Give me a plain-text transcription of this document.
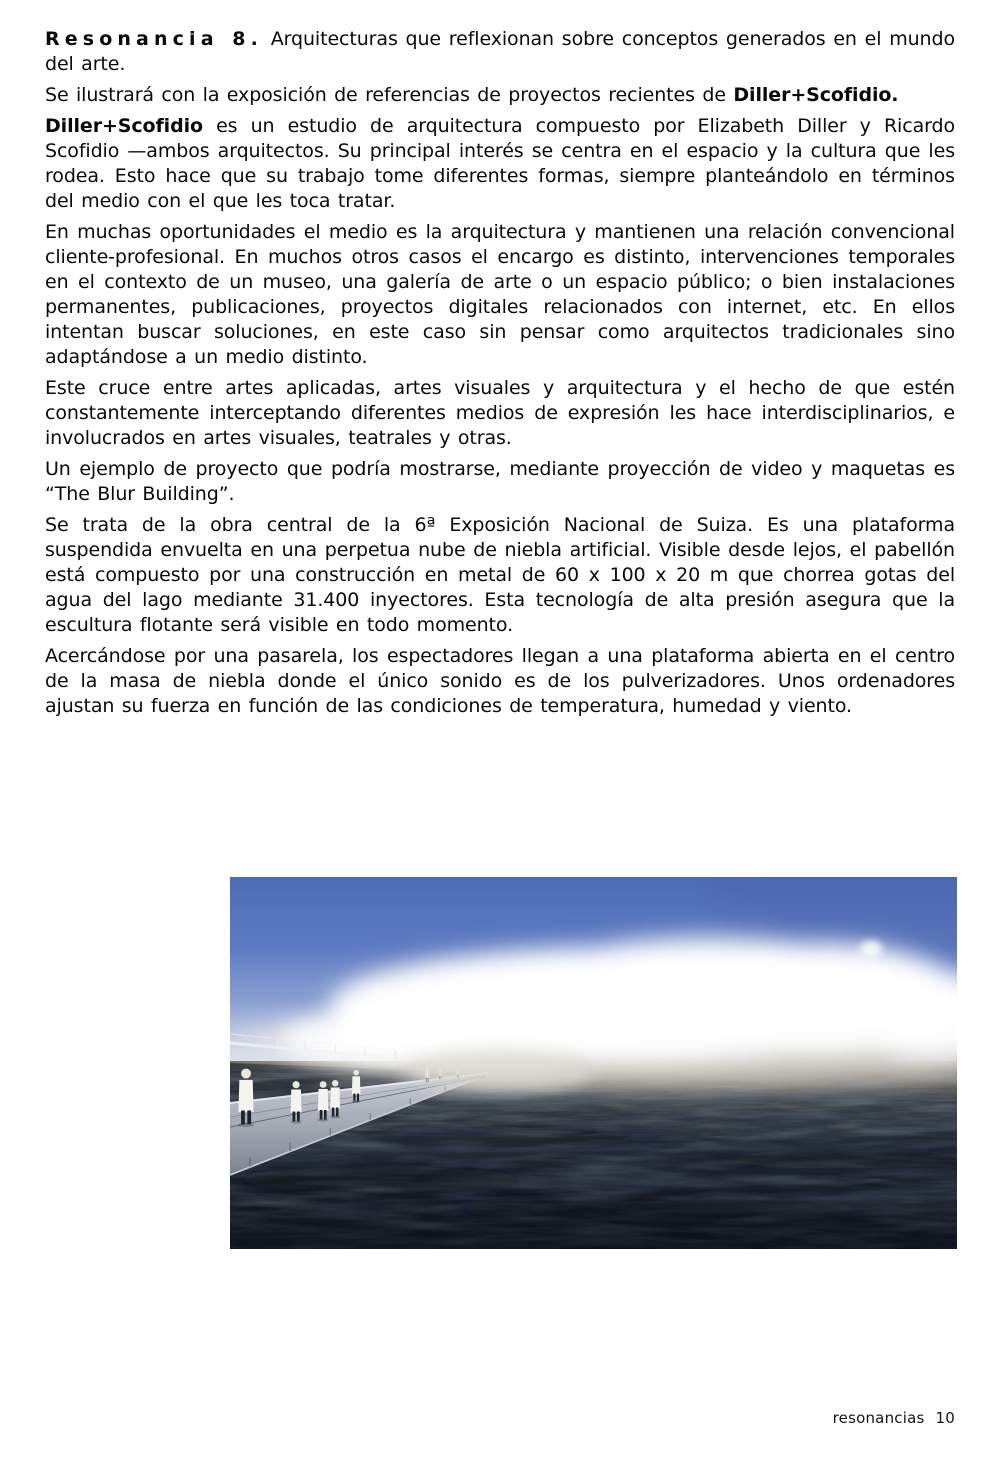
Resonancia 8. Arquitecturas que reflexionan sobre conceptos generados en el mundo del arte.

Se ilustrará con la exposición de referencias de proyectos recientes de Diller+Scofidio.

Diller+Scofidio es un estudio de arquitectura compuesto por Elizabeth Diller y Ricardo Scofidio —ambos arquitectos. Su principal interés se centra en el espacio y la cultura que les rodea. Esto hace que su trabajo tome diferentes formas, siempre planteándolo en términos del medio con el que les toca tratar.

En muchas oportunidades el medio es la arquitectura y mantienen una relación convencional cliente-profesional. En muchos otros casos el encargo es distinto, intervenciones temporales en el contexto de un museo, una galería de arte o un espacio público; o bien instalaciones permanentes, publicaciones, proyectos digitales relacionados con internet, etc. En ellos intentan buscar soluciones, en este caso sin pensar como arquitectos tradicionales sino adaptándose a un medio distinto.

Este cruce entre artes aplicadas, artes visuales y arquitectura y el hecho de que estén constantemente interceptando diferentes medios de expresión les hace interdisciplinarios, e involucrados en artes visuales, teatrales y otras.

Un ejemplo de proyecto que podría mostrarse, mediante proyección de video y maquetas es “The Blur Building”.

Se trata de la obra central de la 6ª Exposición Nacional de Suiza. Es una plataforma suspendida envuelta en una perpetua nube de niebla artificial. Visible desde lejos, el pabellón está compuesto por una construcción en metal de 60 x 100 x 20 m que chorrea gotas del agua del lago mediante 31.400 inyectores. Esta tecnología de alta presión asegura que la escultura flotante será visible en todo momento.

Acercándose por una pasarela, los espectadores llegan a una plataforma abierta en el centro de la masa de niebla donde el único sonido es de los pulverizadores. Unos ordenadores ajustan su fuerza en función de las condiciones de temperatura, humedad y viento.

resonancias 10
